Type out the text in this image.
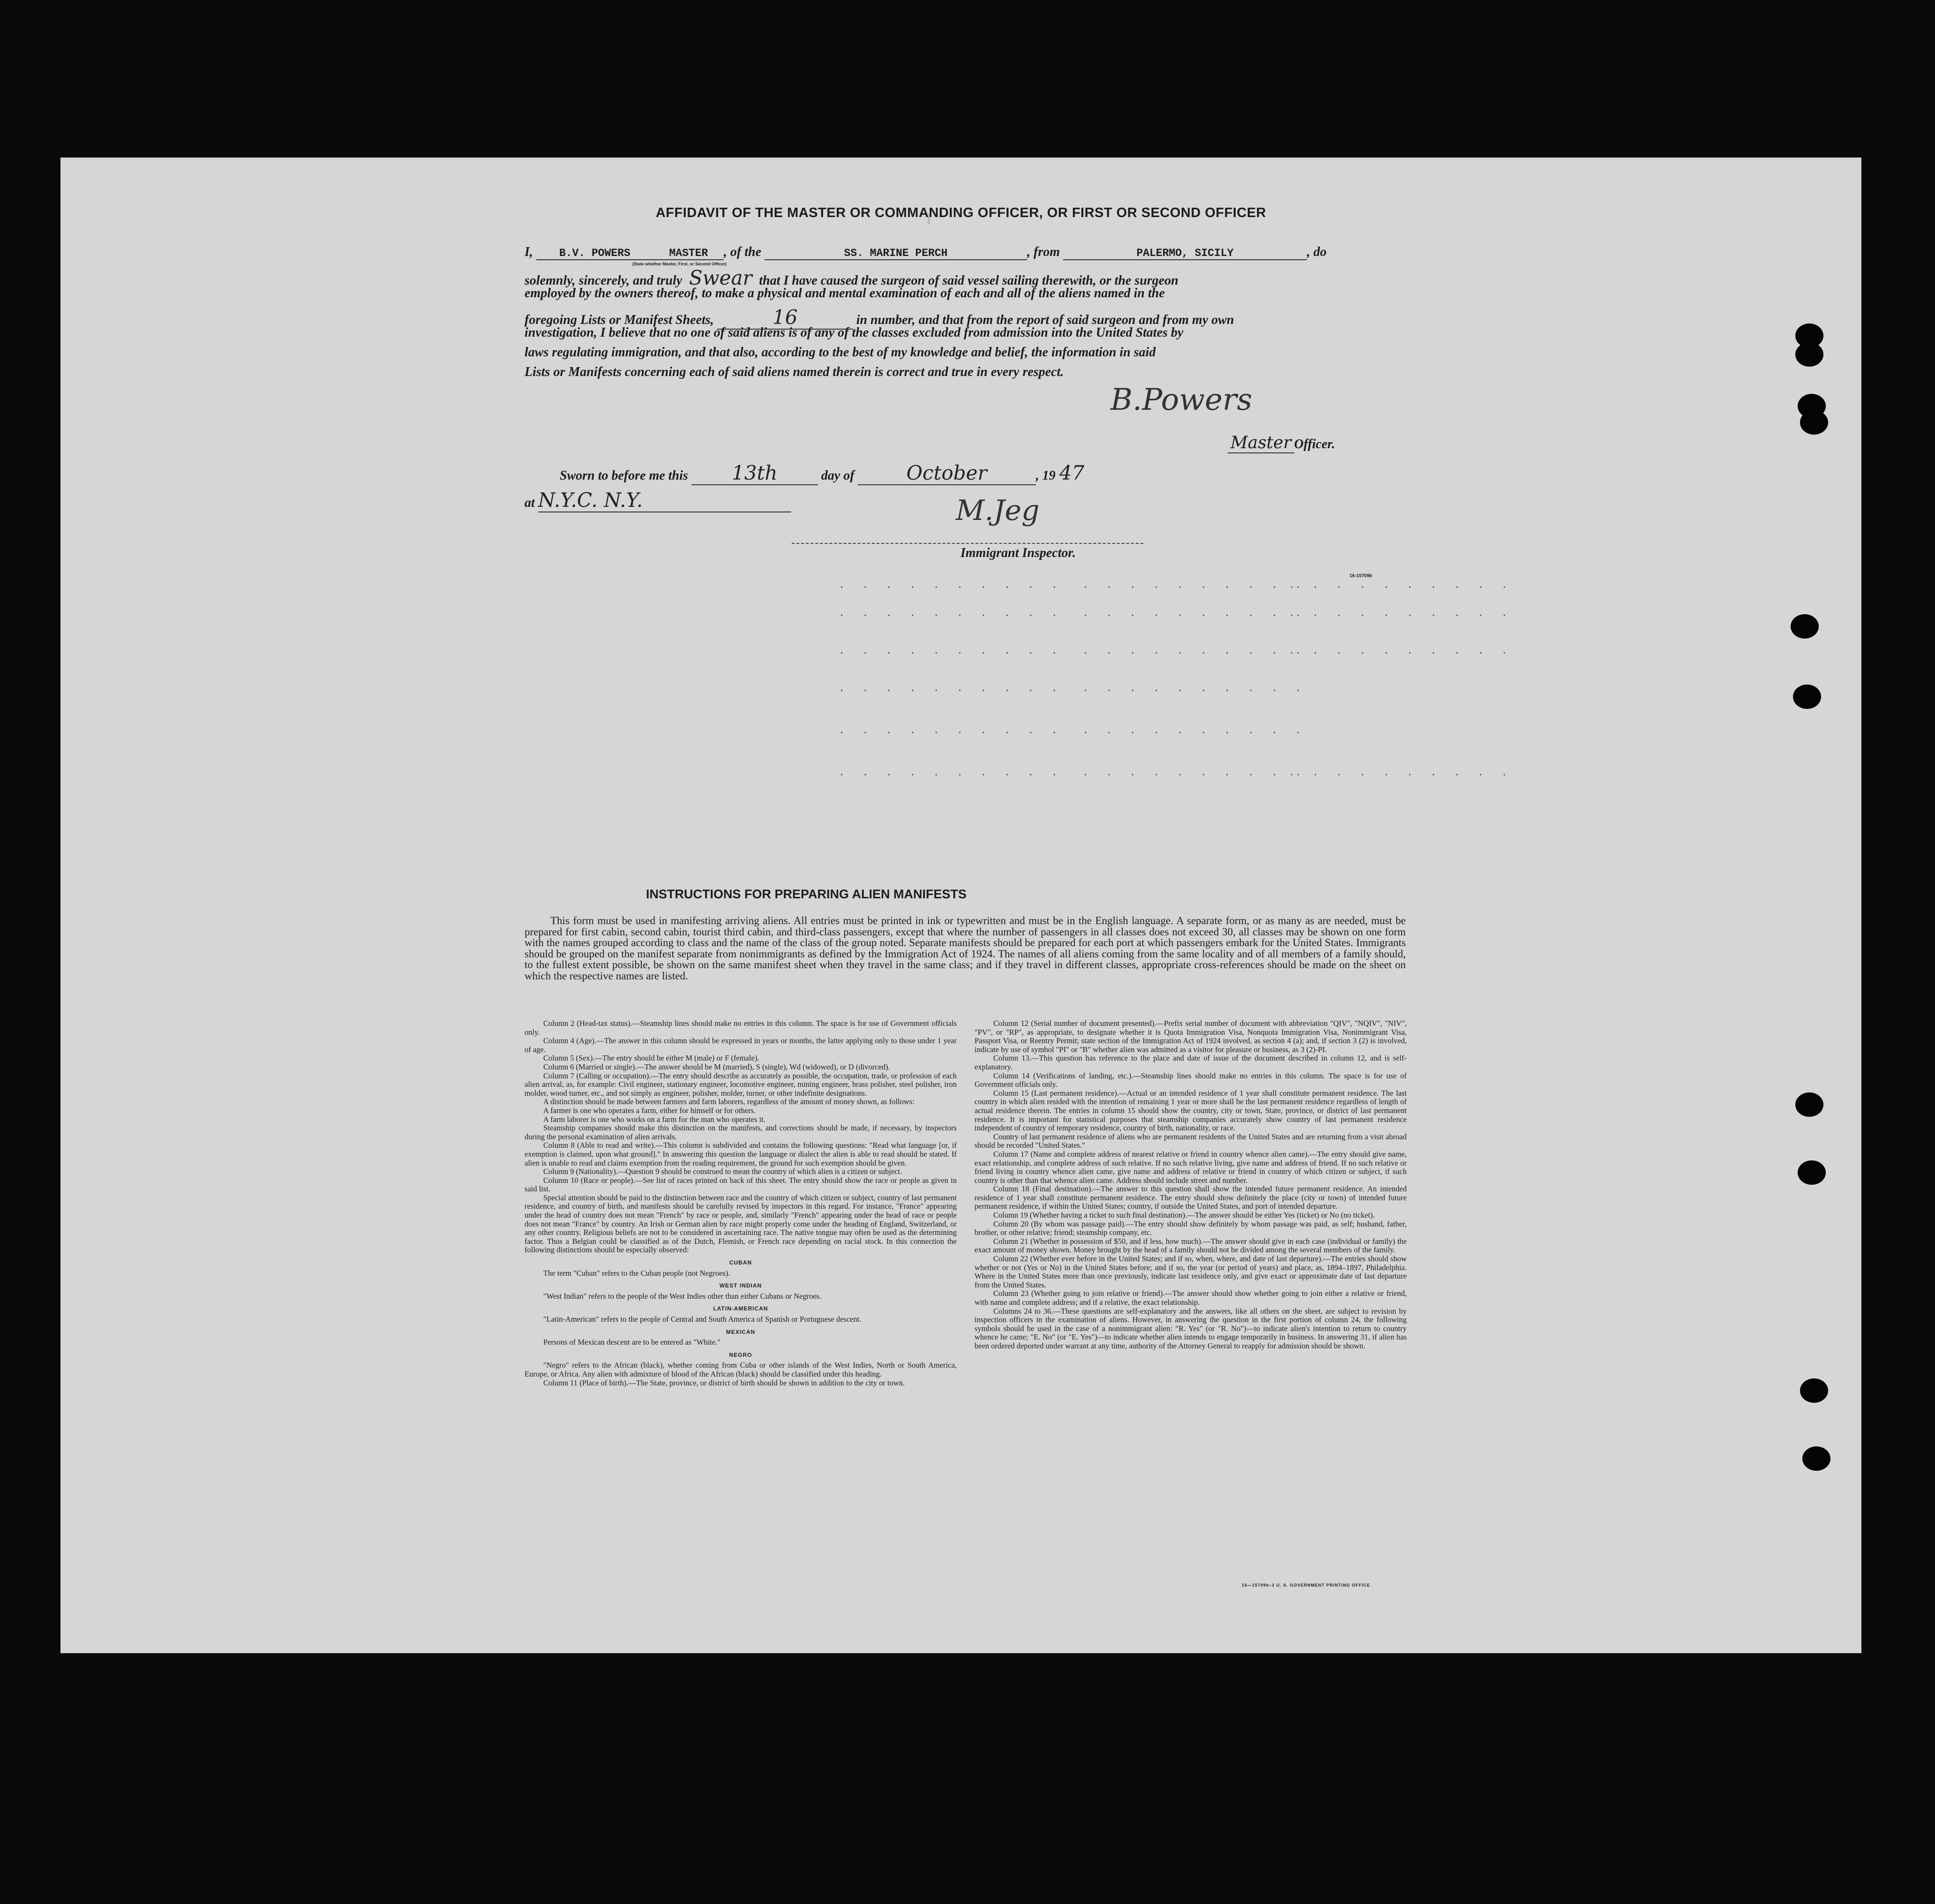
AFFIDAVIT OF THE MASTER OR COMMANDING OFFICER, OR FIRST OR SECOND OFFICER
I, B.V. POWERS	MASTER , of the	SS. MARINE PERCH	, from	PALERMO, SICILY	, do
(State whether Master, First, or Second Officer)
solemnly, sincerely, and truly Swear that I have caused the surgeon of said vessel sailing therewith, or the surgeon
employed by the owners thereof, to make a physical and mental examination of each and all of the aliens named in the
foregoing Lists or Manifest Sheets,	16	in number, and that from the report of said surgeon and from my own
investigation, I believe that no one of said aliens is of any of the classes excluded from admission into the United States by
laws regulating immigration, and that also, according to the best of my knowledge and belief, the information in said
Lists or Manifests concerning each of said aliens named therein is correct and true in every respect.
B.Powers
Master Officer.
Sworn to before me this 13th	day of	October	, 19 47
at N.Y.C. N.Y.	M.Jeg
Immigrant Inspector.
16-15709b
. . . . . . . . . . . . . . . . . . . .
. . . . . . . . . .
. . . . . . . . . . . . . . . . . . . .
. . . . . . . . . .
. . . . . . . . . . . . . . . . . . . .
. . . . . . . . . .
. . . . . . . . . . . . . . . . . . . .
. . . . . . . . . . . . . . . . . . . .
. . . . . . . . . . . . . . . . . . . .
. . . . . . . . . .
INSTRUCTIONS FOR PREPARING ALIEN MANIFESTS

This form must be used in manifesting arriving aliens. All entries must be printed in ink or typewritten and must be in the English language. A separate form, or as many as are needed, must be prepared for first cabin, second cabin, tourist third cabin, and third-class passengers, except that where the number of passengers in all classes does not exceed 30, all classes may be shown on one form with the names grouped according to class and the name of the class of the group noted. Separate manifests should be prepared for each port at which passengers embark for the United States. Immigrants should be grouped on the manifest separate from nonimmigrants as defined by the Immigration Act of 1924. The names of all aliens coming from the same locality and of all members of a family should, to the fullest extent possible, be shown on the same manifest sheet when they travel in the same class; and if they travel in different classes, appropriate cross-references should be made on the sheet on which the respective names are listed.

Column 2 (Head-tax status).—Steamship lines should make no entries in this column. The space is for use of Government officials only.

Column 4 (Age).—The answer in this column should be expressed in years or months, the latter applying only to those under 1 year of age.

Column 5 (Sex).—The entry should be either M (male) or F (female).

Column 6 (Married or single).—The answer should be M (married), S (single), Wd (widowed), or D (divorced).

Column 7 (Calling or occupation).—The entry should describe as accurately as possible, the occupation, trade, or profession of each alien arrival, as, for example: Civil engineer, stationary engineer, locomotive engineer, mining engineer, brass polisher, steel polisher, iron molder, wood turner, etc., and not simply as engineer, polisher, molder, turner, or other indefinite designations.

A distinction should be made between farmers and farm laborers, regardless of the amount of money shown, as follows:

A farmer is one who operates a farm, either for himself or for others.

A farm laborer is one who works on a farm for the man who operates it.

Steamship companies should make this distinction on the manifests, and corrections should be made, if necessary, by inspectors during the personal examination of alien arrivals.

Column 8 (Able to read and write).—This column is subdivided and contains the following questions: "Read what language [or, if exemption is claimed, upon what ground]." In answering this question the language or dialect the alien is able to read should be stated. If alien is unable to read and claims exemption from the reading requirement, the ground for such exemption should be given.

Column 9 (Nationality).—Question 9 should be construed to mean the country of which alien is a citizen or subject.

Column 10 (Race or people).—See list of races printed on back of this sheet. The entry should show the race or people as given in said list.

Special attention should be paid to the distinction between race and the country of which citizen or subject, country of last permanent residence, and country of birth, and manifests should be carefully revised by inspectors in this regard. For instance, "France" appearing under the head of country does not mean "French" by race or people, and, similarly "French" appearing under the head of race or people does not mean "France" by country. An Irish or German alien by race might properly come under the heading of England, Switzerland, or any other country. Religious beliefs are not to be considered in ascertaining race. The native tongue may often be used as the determining factor. Thus a Belgian could be classified as of the Dutch, Flemish, or French race depending on racial stock. In this connection the following distinctions should be especially observed:

CUBAN

The term "Cuban" refers to the Cuban people (not Negroes).

WEST INDIAN

"West Indian" refers to the people of the West Indies other than either Cubans or Negroes.

LATIN-AMERICAN

"Latin-American" refers to the people of Central and South America of Spanish or Portuguese descent.

MEXICAN

Persons of Mexican descent are to be entered as "White."

NEGRO

"Negro" refers to the African (black), whether coming from Cuba or other islands of the West Indies, North or South America, Europe, or Africa. Any alien with admixture of blood of the African (black) should be classified under this heading.

Column 11 (Place of birth).—The State, province, or district of birth should be shown in addition to the city or town.

Column 12 (Serial number of document presented).—Prefix serial number of document with abbreviation "QIV", "NQIV", "NIV", "PV", or "RP", as appropriate, to designate whether it is Quota Immigration Visa, Nonquota Immigration Visa, Nonimmigrant Visa, Passport Visa, or Reentry Permit; state section of the Immigration Act of 1924 involved, as section 4 (a); and, if section 3 (2) is involved, indicate by use of symbol "PI" or "B" whether alien was admitted as a visitor for pleasure or business, as 3 (2)-PI.

Column 13.—This question has reference to the place and date of issue of the document described in column 12, and is self-explanatory.

Column 14 (Verifications of landing, etc.).—Steamship lines should make no entries in this column. The space is for use of Government officials only.

Column 15 (Last permanent residence).—Actual or an intended residence of 1 year shall constitute permanent residence. The last country in which alien resided with the intention of remaining 1 year or more shall be the last permanent residence regardless of length of actual residence therein. The entries in column 15 should show the country, city or town, State, province, or district of last permanent residence. It is important for statistical purposes that steamship companies accurately show country of last permanent residence independent of country of temporary residence, country of birth, nationality, or race.

Country of last permanent residence of aliens who are permanent residents of the United States and are returning from a visit abroad should be recorded "United States."

Column 17 (Name and complete address of nearest relative or friend in country whence alien came).—The entry should give name, exact relationship, and complete address of such relative. If no such relative living, give name and address of friend. If no such relative or friend living in country whence alien came, give name and address of relative or friend in country of which citizen or subject, if such country is other than that whence alien came. Address should include street and number.

Column 18 (Final destination).—The answer to this question shall show the intended future permanent residence. An intended residence of 1 year shall constitute permanent residence. The entry should show definitely the place (city or town) of intended future permanent residence, if within the United States; country, if outside the United States, and port of intended departure.

Column 19 (Whether having a ticket to such final destination).—The answer should be either Yes (ticket) or No (no ticket).

Column 20 (By whom was passage paid).—The entry should show definitely by whom passage was paid, as self; husband, father, brother, or other relative; friend; steamship company, etc.

Column 21 (Whether in possession of $50, and if less, how much).—The answer should give in each case (individual or family) the exact amount of money shown. Money brought by the head of a family should not be divided among the several members of the family.

Column 22 (Whether ever before in the United States; and if so, when, where, and date of last departure).—The entries should show whether or not (Yes or No) in the United States before; and if so, the year (or period of years) and place, as, 1894–1897, Philadelphia. Where in the United States more than once previously, indicate last residence only, and give exact or approximate date of last departure from the United States.

Column 23 (Whether going to join relative or friend).—The answer should show whether going to join either a relative or friend, with name and complete address; and if a relative, the exact relationship.

Columns 24 to 36.—These questions are self-explanatory and the answers, like all others on the sheet, are subject to revision by inspection officers in the examination of aliens. However, in answering the question in the first portion of column 24, the following symbols should be used in the case of a nonimmigrant alien: "R. Yes" (or "R. No")—to indicate alien's intention to return to country whence he came; "E. No" (or "E. Yes")—to indicate whether alien intends to engage temporarily in business. In answering 31, if alien has been ordered deported under warrant at any time, authority of the Attorney General to reapply for admission should be shown.

16—15709b–2 U. S. GOVERNMENT PRINTING OFFICE
